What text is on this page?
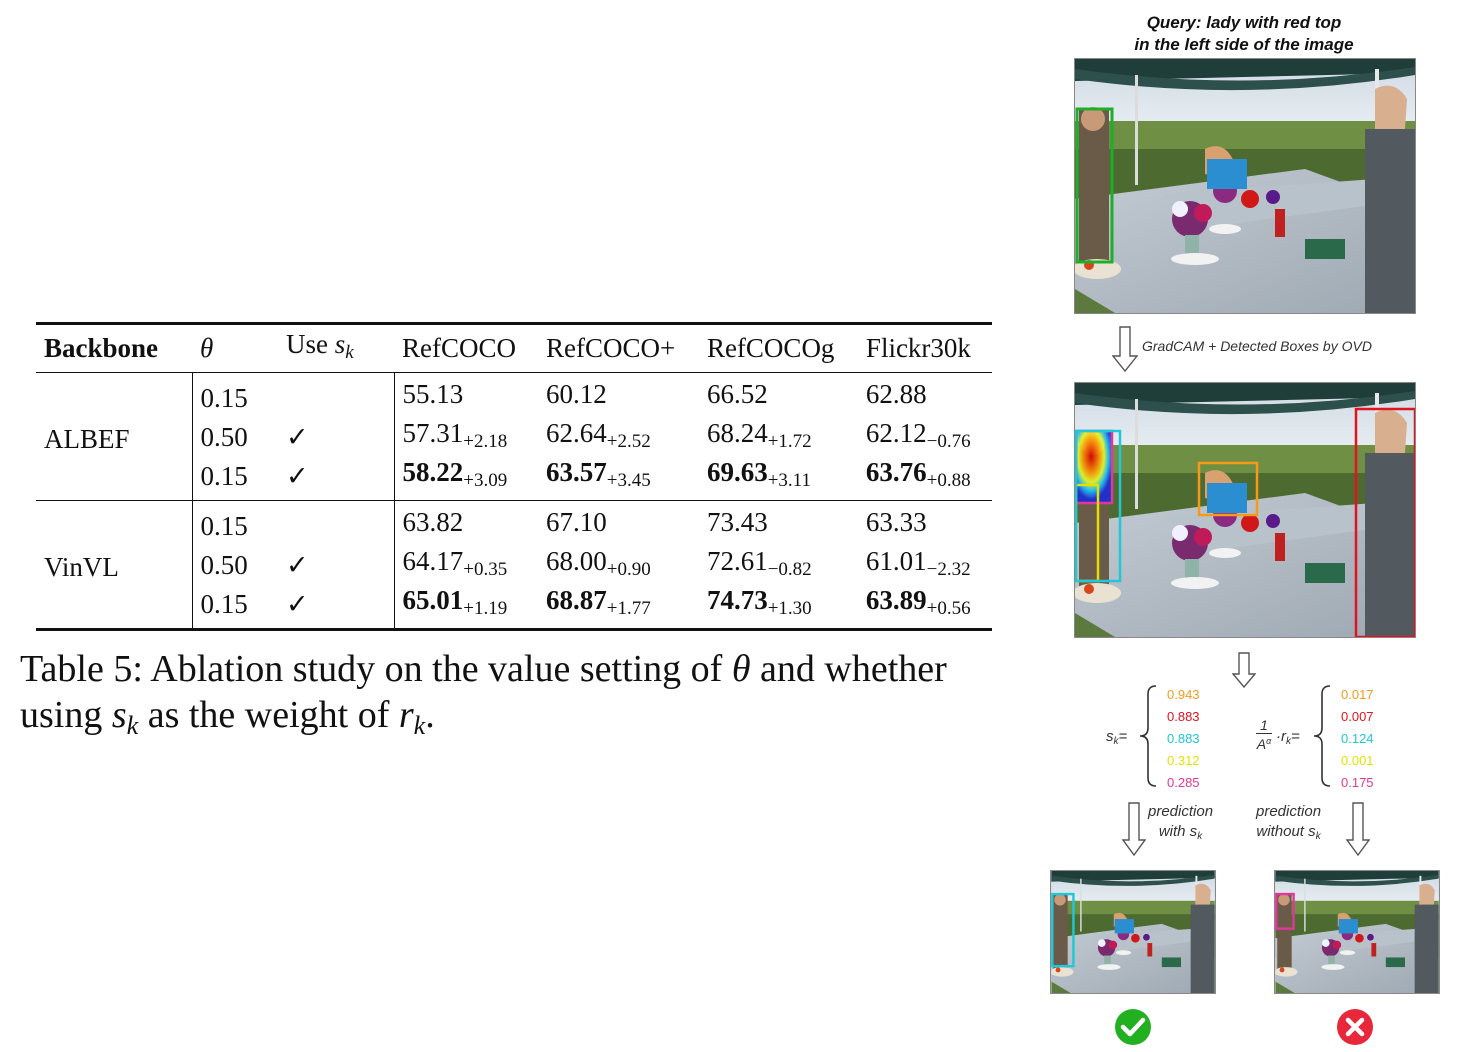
Backbone	θ	Use $s_k$	RefCOCO	RefCOCO+	RefCOCOg	Flickr30k
ALBEF	0.15		55.13	60.12	66.52	62.88
	0.50	✓	$57.31_{+2.18}$	$62.64_{+2.52}$	$68.24_{+1.72}$	$62.12_{-0.76}$
	0.15	✓	$58.22_{+3.09}$	$63.57_{+3.45}$	$69.63_{+3.11}$	$63.76_{+0.88}$
VinVL	0.15		63.82	67.10	73.43	63.33
	0.50	✓	$64.17_{+0.35}$	$68.00_{+0.90}$	$72.61_{-0.82}$	$61.01_{-2.32}$
	0.15	✓	$65.01_{+1.19}$	$68.87_{+1.77}$	$74.73_{+1.30}$	$63.89_{+0.56}$
Table 5: Ablation study on the value setting of θ and whether
using sk as the weight of rk.
Query: lady with red top
in the left side of the image
GradCAM + Detected Boxes by OVD
$s_k=$
0.943
0.883
0.883
0.312
0.285
1
$A^\alpha \cdot r_k=$
0.017
0.007
0.124
0.001
0.175
prediction
with $s_k$
prediction
without $s_k$
